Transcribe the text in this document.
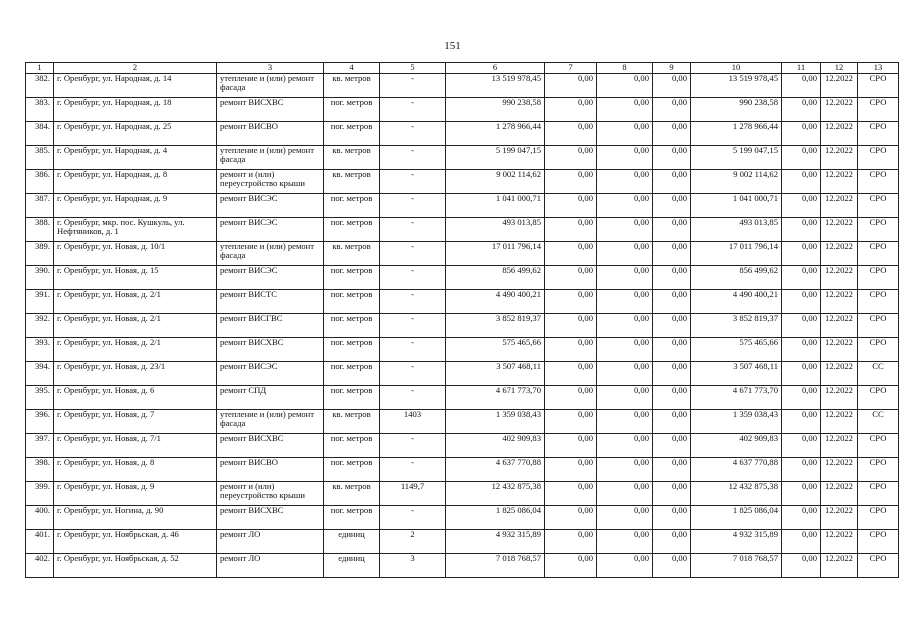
151
1	2	3	4	5	6	7	8	9	10	11	12	13
382.	г. Оренбург, ул. Народная, д. 14	утепление и (или) ремонт фасада	кв. метров	-	13 519 978,45	0,00	0,00	0,00	13 519 978,45	0,00	12.2022	СРО
383.	г. Оренбург, ул. Народная, д. 18	ремонт ВИСХВС	пог. метров	-	990 238,58	0,00	0,00	0,00	990 238,58	0,00	12.2022	СРО
384.	г. Оренбург, ул. Народная, д. 25	ремонт ВИСВО	пог. метров	-	1 278 966,44	0,00	0,00	0,00	1 278 966,44	0,00	12.2022	СРО
385.	г. Оренбург, ул. Народная, д. 4	утепление и (или) ремонт фасада	кв. метров	-	5 199 047,15	0,00	0,00	0,00	5 199 047,15	0,00	12.2022	СРО
386.	г. Оренбург, ул. Народная, д. 8	ремонт и (или) переустройство крыши	кв. метров	-	9 002 114,62	0,00	0,00	0,00	9 002 114,62	0,00	12.2022	СРО
387.	г. Оренбург, ул. Народная, д. 9	ремонт ВИСЭС	пог. метров	-	1 041 000,71	0,00	0,00	0,00	1 041 000,71	0,00	12.2022	СРО
388.	г. Оренбург, мкр. пос. Кушкуль, ул. Нефтяников, д. 1	ремонт ВИСЭС	пог. метров	-	493 013,85	0,00	0,00	0,00	493 013,85	0,00	12.2022	СРО
389.	г. Оренбург, ул. Новая, д. 10/1	утепление и (или) ремонт фасада	кв. метров	-	17 011 796,14	0,00	0,00	0,00	17 011 796,14	0,00	12.2022	СРО
390.	г. Оренбург, ул. Новая, д. 15	ремонт ВИСЭС	пог. метров	-	856 499,62	0,00	0,00	0,00	856 499,62	0,00	12.2022	СРО
391.	г. Оренбург, ул. Новая, д. 2/1	ремонт ВИСТС	пог. метров	-	4 490 400,21	0,00	0,00	0,00	4 490 400,21	0,00	12.2022	СРО
392.	г. Оренбург, ул. Новая, д. 2/1	ремонт ВИСГВС	пог. метров	-	3 852 819,37	0,00	0,00	0,00	3 852 819,37	0,00	12.2022	СРО
393.	г. Оренбург, ул. Новая, д. 2/1	ремонт ВИСХВС	пог. метров	-	575 465,66	0,00	0,00	0,00	575 465,66	0,00	12.2022	СРО
394.	г. Оренбург, ул. Новая, д. 23/1	ремонт ВИСЭС	пог. метров	-	3 507 468,11	0,00	0,00	0,00	3 507 468,11	0,00	12.2022	СС
395.	г. Оренбург, ул. Новая, д. 6	ремонт СПД	пог. метров	-	4 671 773,70	0,00	0,00	0,00	4 671 773,70	0,00	12.2022	СРО
396.	г. Оренбург, ул. Новая, д. 7	утепление и (или) ремонт фасада	кв. метров	1403	1 359 038,43	0,00	0,00	0,00	1 359 038,43	0,00	12.2022	СС
397.	г. Оренбург, ул. Новая, д. 7/1	ремонт ВИСХВС	пог. метров	-	402 909,83	0,00	0,00	0,00	402 909,83	0,00	12.2022	СРО
398.	г. Оренбург, ул. Новая, д. 8	ремонт ВИСВО	пог. метров	-	4 637 770,88	0,00	0,00	0,00	4 637 770,88	0,00	12.2022	СРО
399.	г. Оренбург, ул. Новая, д. 9	ремонт и (или) переустройство крыши	кв. метров	1149,7	12 432 875,38	0,00	0,00	0,00	12 432 875,38	0,00	12.2022	СРО
400.	г. Оренбург, ул. Ногина, д. 90	ремонт ВИСХВС	пог. метров	-	1 825 086,04	0,00	0,00	0,00	1 825 086,04	0,00	12.2022	СРО
401.	г. Оренбург, ул. Ноябрьская, д. 46	ремонт ЛО	единиц	2	4 932 315,89	0,00	0,00	0,00	4 932 315,89	0,00	12.2022	СРО
402.	г. Оренбург, ул. Ноябрьская, д. 52	ремонт ЛО	единиц	3	7 018 768,57	0,00	0,00	0,00	7 018 768,57	0,00	12.2022	СРО
